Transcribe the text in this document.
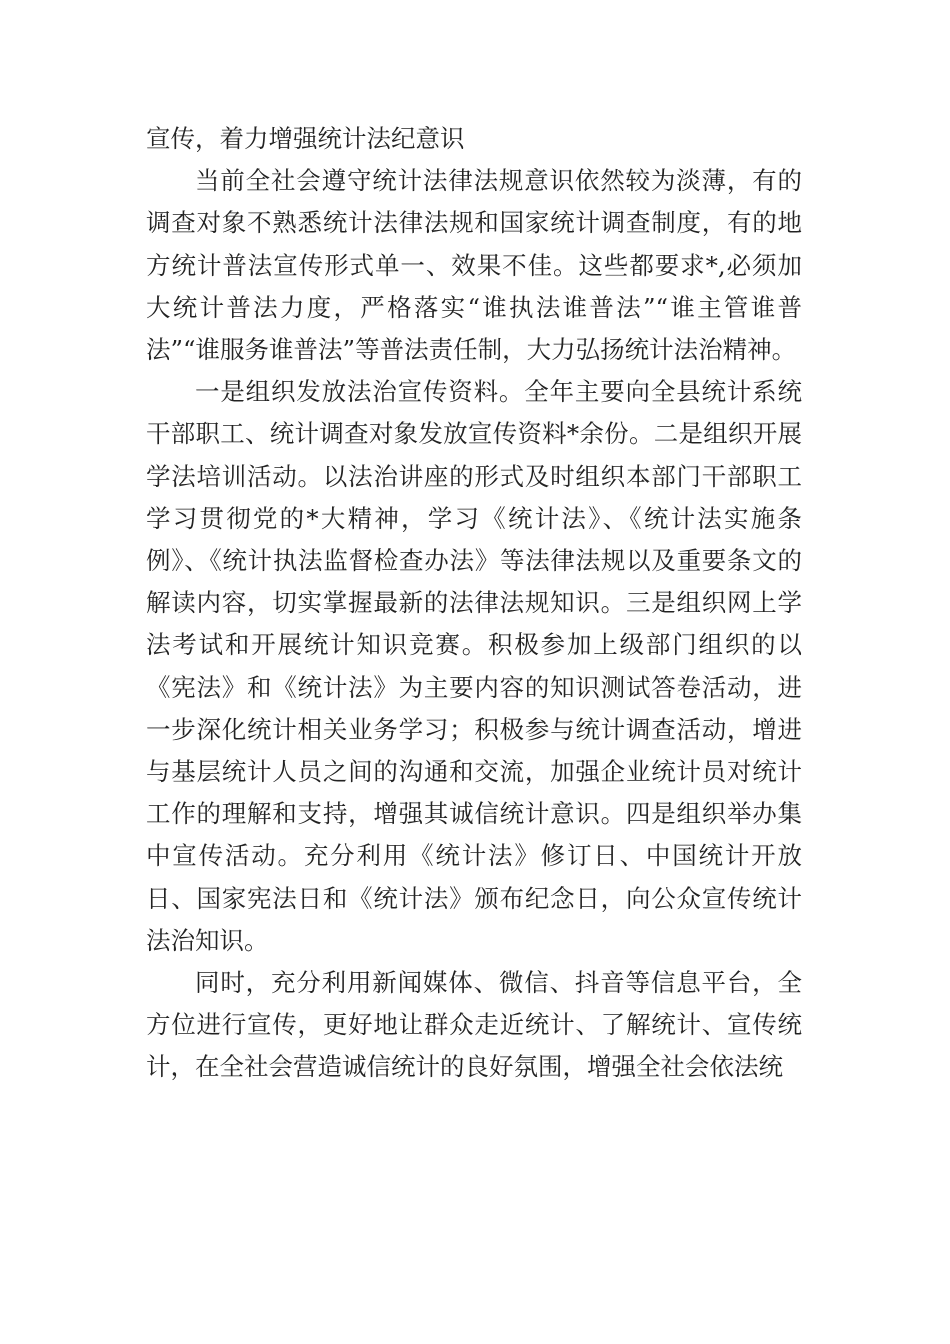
宣传，着力增强统计法纪意识

当前全社会遵守统计法律法规意识依然较为淡薄，有的调查对象不熟悉统计法律法规和国家统计调查制度，有的地方统计普法宣传形式单一、效果不佳。这些都要求*,必须加大统计普法力度，严格落实“谁执法谁普法”“谁主管谁普法”“谁服务谁普法”等普法责任制，大力弘扬统计法治精神。

一是组织发放法治宣传资料。全年主要向全县统计系统干部职工、统计调查对象发放宣传资料*余份。二是组织开展学法培训活动。以法治讲座的形式及时组织本部门干部职工学习贯彻党的*大精神，学习《统计法》、《统计法实施条例》、《统计执法监督检查办法》等法律法规以及重要条文的解读内容，切实掌握最新的法律法规知识。三是组织网上学法考试和开展统计知识竞赛。积极参加上级部门组织的以《宪法》和《统计法》为主要内容的知识测试答卷活动，进一步深化统计相关业务学习；积极参与统计调查活动，增进与基层统计人员之间的沟通和交流，加强企业统计员对统计工作的理解和支持，增强其诚信统计意识。四是组织举办集中宣传活动。充分利用《统计法》修订日、中国统计开放日、国家宪法日和《统计法》颁布纪念日，向公众宣传统计法治知识。

同时，充分利用新闻媒体、微信、抖音等信息平台，全方位进行宣传，更好地让群众走近统计、了解统计、宣传统计，在全社会营造诚信统计的良好氛围，增强全社会依法统
